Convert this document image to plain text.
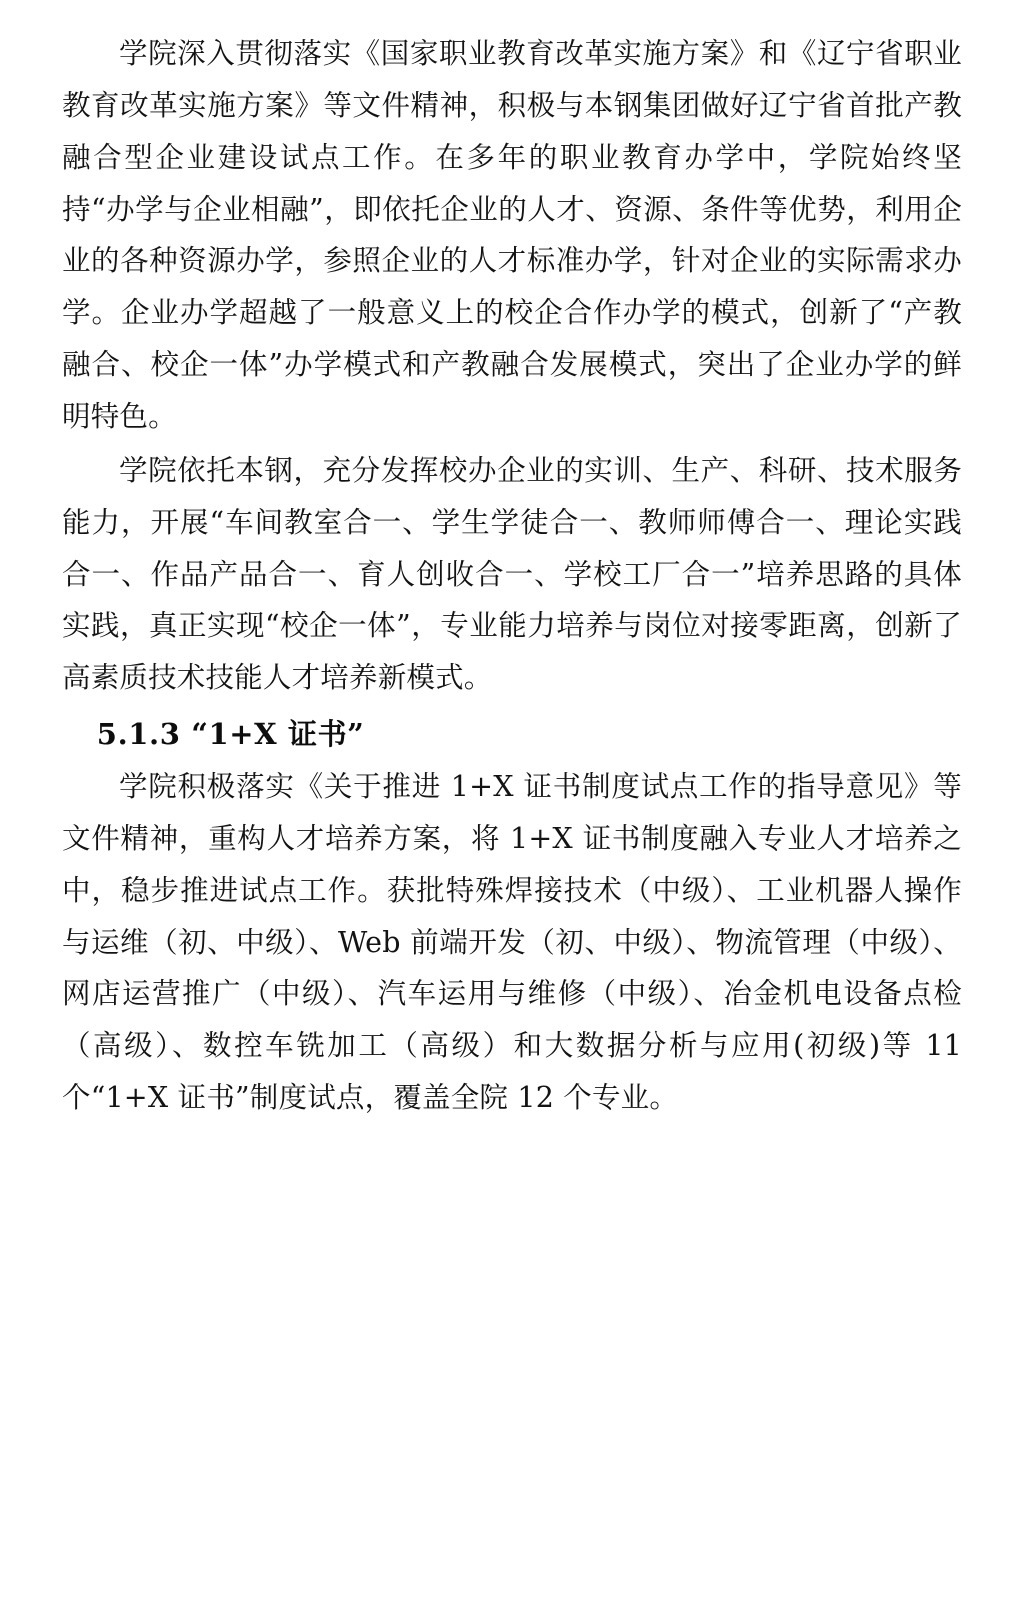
学院深入贯彻落实《国家职业教育改革实施方案》和《辽宁省职业教育改革实施方案》等文件精神，积极与本钢集团做好辽宁省首批产教融合型企业建设试点工作。在多年的职业教育办学中，学院始终坚持“办学与企业相融”，即依托企业的人才、资源、条件等优势，利用企业的各种资源办学，参照企业的人才标准办学，针对企业的实际需求办学。企业办学超越了一般意义上的校企合作办学的模式，创新了“产教融合、校企一体”办学模式和产教融合发展模式，突出了企业办学的鲜明特色。

学院依托本钢，充分发挥校办企业的实训、生产、科研、技术服务能力，开展“车间教室合一、学生学徒合一、教师师傅合一、理论实践合一、作品产品合一、育人创收合一、学校工厂合一”培养思路的具体实践，真正实现“校企一体”，专业能力培养与岗位对接零距离，创新了高素质技术技能人才培养新模式。

5.1.3 “1+X 证书”

学院积极落实《关于推进 1+X 证书制度试点工作的指导意见》等文件精神，重构人才培养方案，将 1+X 证书制度融入专业人才培养之中，稳步推进试点工作。获批特殊焊接技术（中级）、工业机器人操作与运维（初、中级）、Web 前端开发（初、中级）、物流管理（中级）、网店运营推广（中级）、汽车运用与维修（中级）、冶金机电设备点检（高级）、数控车铣加工（高级）和大数据分析与应用(初级)等 11 个“1+X 证书”制度试点，覆盖全院 12 个专业。
